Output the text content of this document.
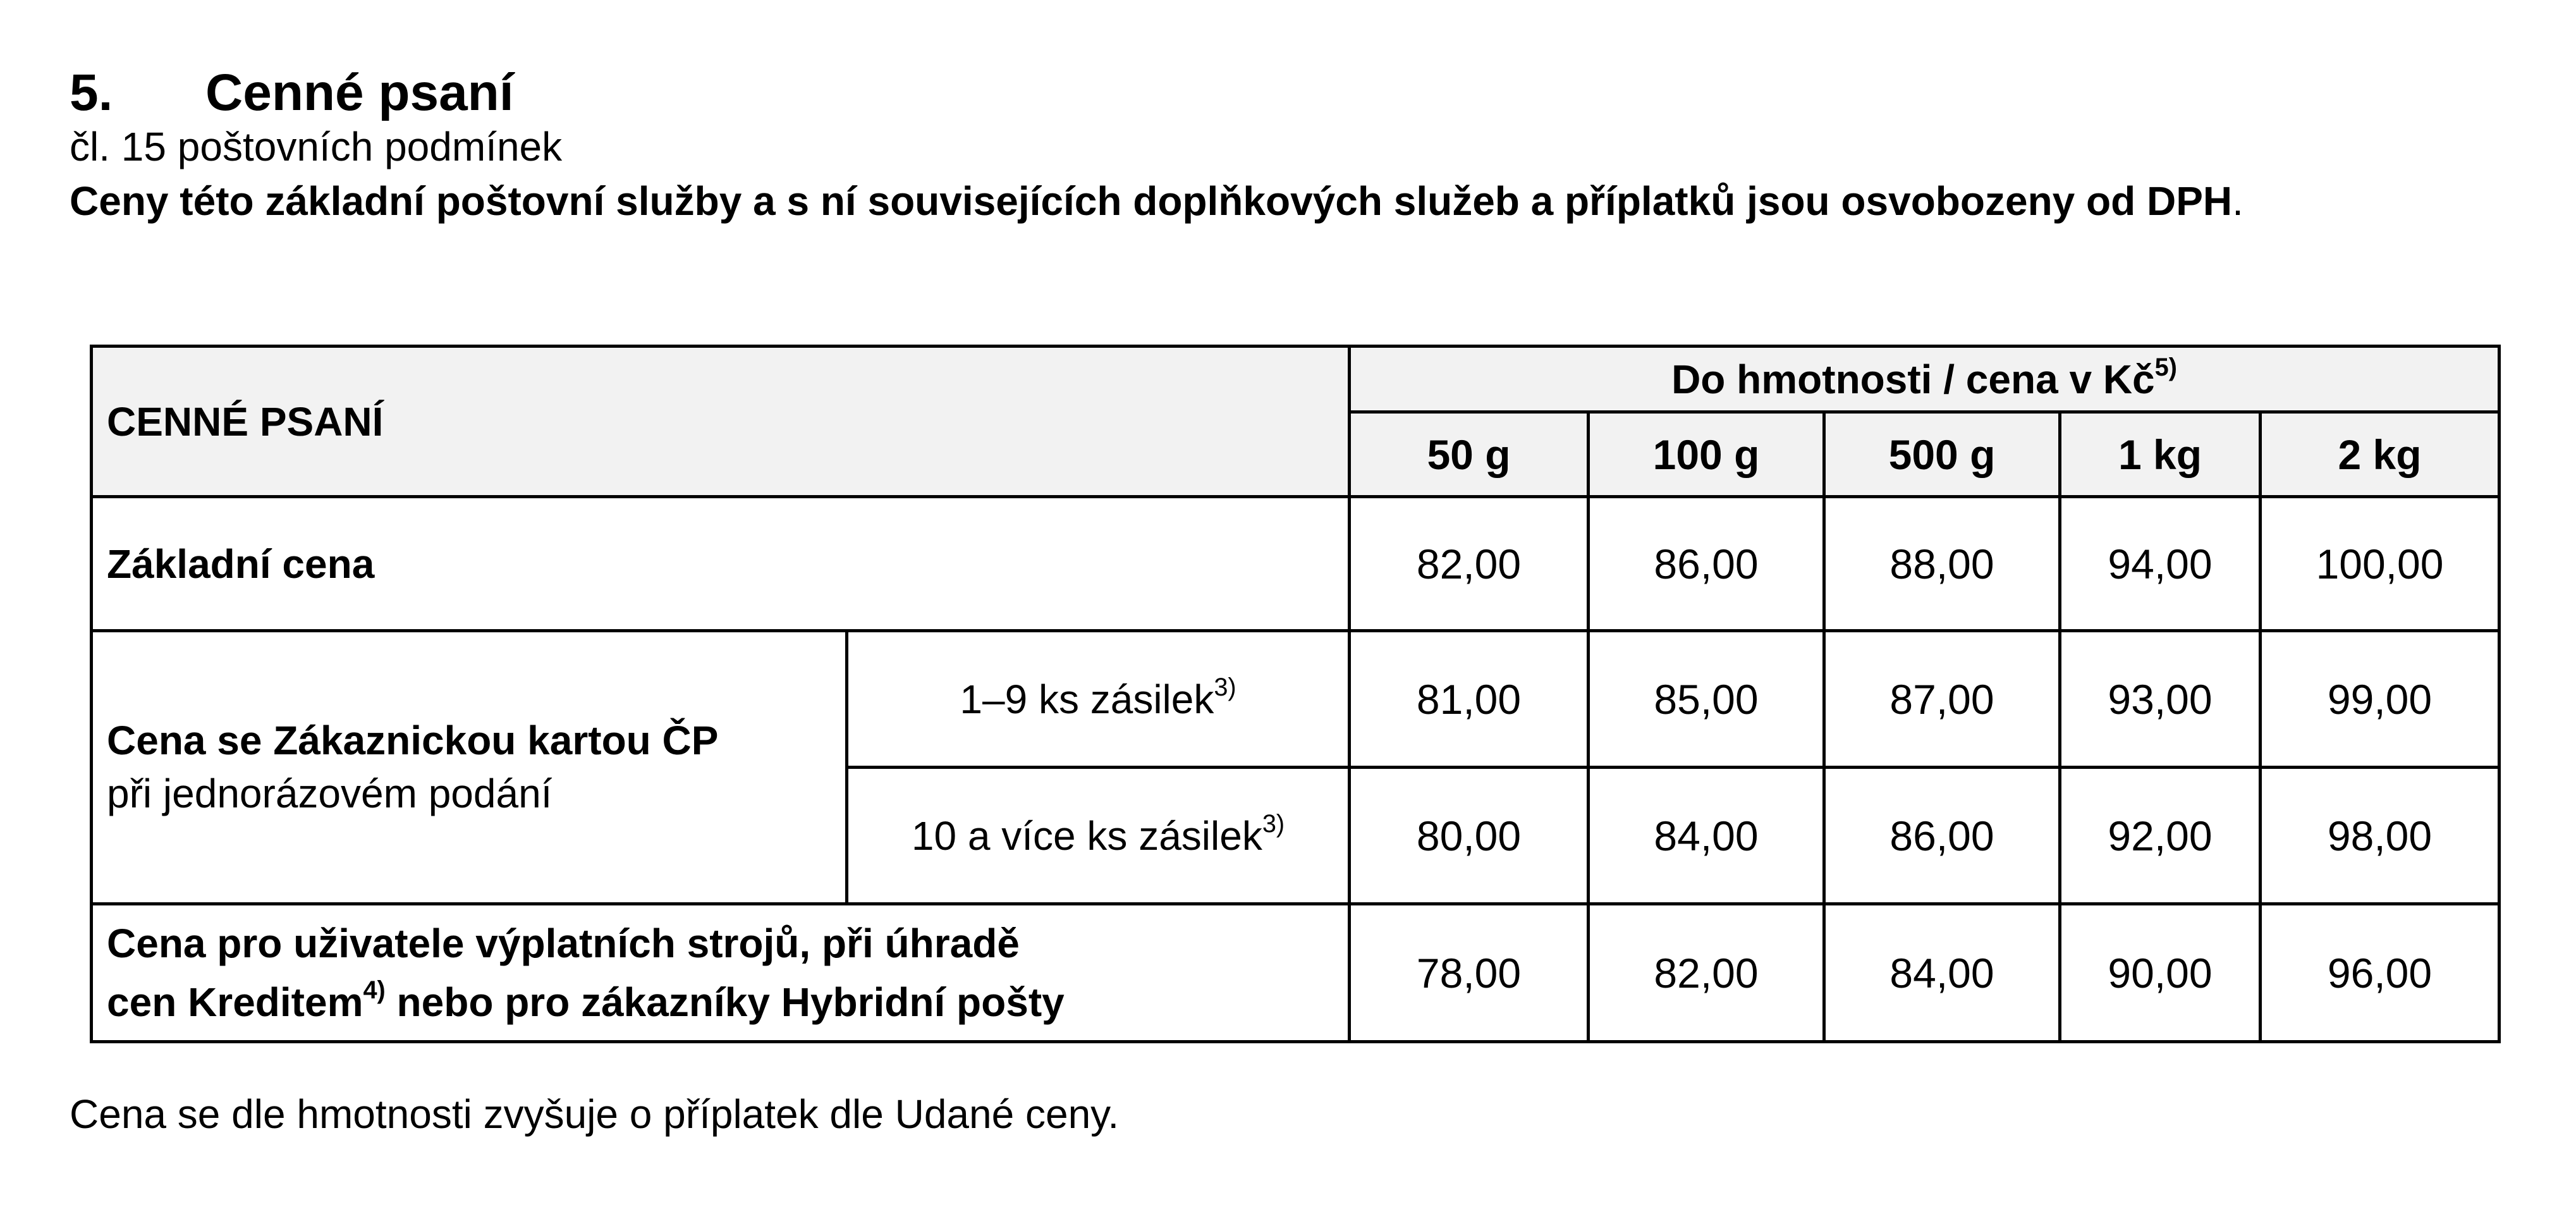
5.	Cenné psaní
čl. 15 poštovních podmínek
Ceny této základní poštovní služby a s ní souvisejících doplňkových služeb a příplatků jsou osvobozeny od DPH.
CENNÉ PSANÍ		Do hmotnosti / cena v $Kč^{5)}$
		50 g	100 g	500 g	1 kg	2 kg
Základní cena		82,00	86,00	88,00	94,00	100,00
Cena se Zákaznickou kartou ČP
při jednorázovém podání	1–9 ks zásilek$^{3)}$	81,00	85,00	87,00	93,00	99,00
	10 a více ks zásilek$^{3)}$	80,00	84,00	86,00	92,00	98,00
Cena pro uživatele výplatních strojů, při úhradě
cen Kreditem$^{4)}$ nebo pro zákazníky Hybridní pošty		78,00	82,00	84,00	90,00	96,00
Cena se dle hmotnosti zvyšuje o příplatek dle Udané ceny.
